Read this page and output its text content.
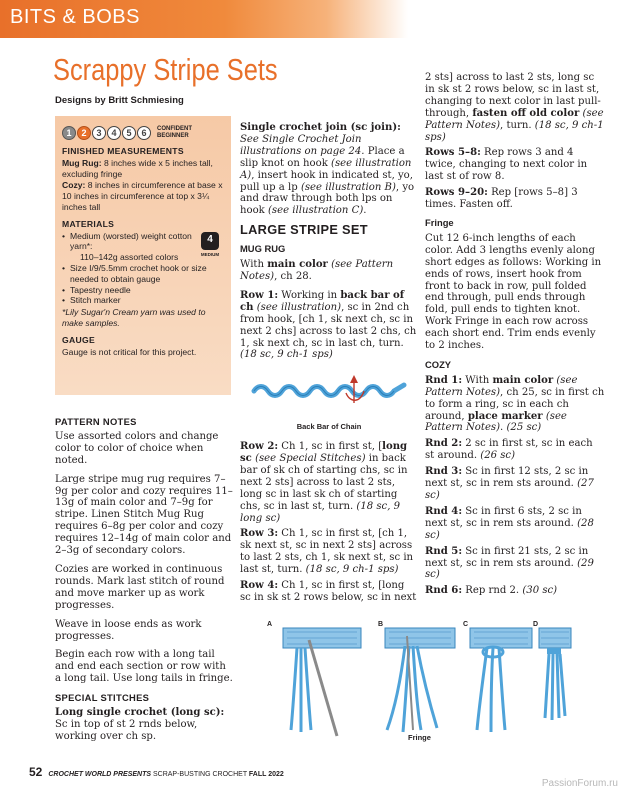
BITS & BOBS
Scrappy Stripe Sets
Designs by Britt Schmiesing
1	2	3	4	5	6	CONFIDENT
BEGINNER
FINISHED MEASUREMENTS
Mug Rug: 8 inches wide x 5 inches tall, excluding fringe
Cozy: 8 inches in circumference at base x 10 inches in circumference at top x 3¼ inches tall
MATERIALS
• Medium (worsted) weight cotton yarn*:
110–142g assorted colors
4
MEDIUM
• Size I/9/5.5mm crochet hook or size needed to obtain gauge
• Tapestry needle
• Stitch marker
*Lily Sugar'n Cream yarn was used to make samples.
GAUGE
Gauge is not critical for this project.
PATTERN NOTES

Use assorted colors and change color to color of choice when noted.

Large stripe mug rug requires 7–9g per color and cozy requires 11–13g of main color and 7–9g for stripe. Linen Stitch Mug Rug requires 6–8g per color and cozy requires 12–14g of main color and 2–3g of secondary colors.

Cozies are worked in continuous rounds. Mark last stitch of round and move marker up as work progresses.

Weave in loose ends as work progresses.

Begin each row with a long tail and end each section or row with a long tail. Use long tails in fringe.

SPECIAL STITCHES

Long single crochet (long sc):
Sc in top of st 2 rnds below, working over ch sp.

Single crochet join (sc join): See Single Crochet Join illustrations on page 24. Place a slip knot on hook (see illustration A), insert hook in indicated st, yo, pull up a lp (see illustration B), yo and draw through both lps on hook (see illustration C).

LARGE STRIPE SET
MUG RUG

With main color (see Pattern Notes), ch 28.

Row 1: Working in back bar of ch (see illustration), sc in 2nd ch from hook, [ch 1, sk next ch, sc in next 2 chs] across to last 2 chs, ch 1, sk next ch, sc in last ch, turn. (18 sc, 9 ch-1 sps)

Back Bar of Chain

Row 2: Ch 1, sc in first st, [long sc (see Special Stitches) in back bar of sk ch of starting chs, sc in next 2 sts] across to last 2 sts, long sc in last sk ch of starting chs, sc in last st, turn. (18 sc, 9 long sc)

Row 3: Ch 1, sc in first st, [ch 1, sk next st, sc in next 2 sts] across to last 2 sts, ch 1, sk next st, sc in last st, turn. (18 sc, 9 ch-1 sps)

Row 4: Ch 1, sc in first st, [long sc in sk st 2 rows below, sc in next

2 sts] across to last 2 sts, long sc in sk st 2 rows below, sc in last st, changing to next color in last pull-through, fasten off old color (see Pattern Notes), turn. (18 sc, 9 ch-1 sps)

Rows 5–8: Rep rows 3 and 4 twice, changing to next color in last st of row 8.

Rows 9–20: Rep [rows 5–8] 3 times. Fasten off.

Fringe

Cut 12 6-inch lengths of each color. Add 3 lengths evenly along short edges as follows: Working in ends of rows, insert hook from front to back in row, pull folded end through, pull ends through fold, pull ends to tighten knot. Work Fringe in each row across each short end. Trim ends evenly to 2 inches.

COZY

Rnd 1: With main color (see Pattern Notes), ch 25, sc in first ch to form a ring, sc in each ch around, place marker (see Pattern Notes). (25 sc)

Rnd 2: 2 sc in first st, sc in each st around. (26 sc)

Rnd 3: Sc in first 12 sts, 2 sc in next st, sc in rem sts around. (27 sc)

Rnd 4: Sc in first 6 sts, 2 sc in next st, sc in rem sts around. (28 sc)

Rnd 5: Sc in first 21 sts, 2 sc in next st, sc in rem sts around. (29 sc)

Rnd 6: Rep rnd 2. (30 sc)

A	B	C	D
Fringe
52 CROCHET WORLD PRESENTS SCRAP-BUSTING CROCHET FALL 2022
PassionForum.ru
